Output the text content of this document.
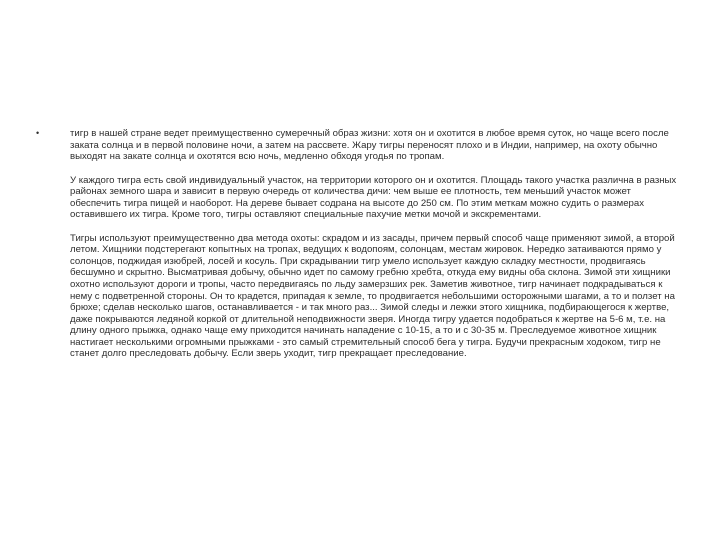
•	тигр в нашей стране ведет преимущественно сумеречный образ жизни: хотя он и охотится в любое время суток, но чаще всего после заката солнца и в первой половине ночи, а затем на рассвете. Жару тигры переносят плохо и в Индии, например, на охоту обычно выходят на закате солнца и охотятся всю ночь, медленно обходя угодья по тропам.

У каждого тигра есть свой индивидуальный участок, на территории которого он и охотится. Площадь такого участка различна в разных районах земного шара и зависит в первую очередь от количества дичи: чем выше ее плотность, тем меньший участок может обеспечить тигра пищей и наоборот. На дереве бывает содрана на высоте до 250 см. По этим меткам можно судить о размерах оставившего их тигра. Кроме того, тигры оставляют специальные пахучие метки мочой и экскрементами.

Тигры используют преимущественно два метода охоты: скрадом и из засады, причем первый способ чаще применяют зимой, а второй летом. Хищники подстерегают копытных на тропах, ведущих к водопоям, солонцам, местам жировок. Нередко затаиваются прямо у солонцов, поджидая изюбрей, лосей и косуль. При скрадывании тигр умело использует каждую складку местности, продвигаясь бесшумно и скрытно. Высматривая добычу, обычно идет по самому гребню хребта, откуда ему видны оба склона. Зимой эти хищники охотно используют дороги и тропы, часто передвигаясь по льду замерзших рек. Заметив животное, тигр начинает подкрадываться к нему с подветренной стороны. Он то крадется, припадая к земле, то продвигается небольшими осторожными шагами, а то и ползет на брюхе; сделав несколько шагов, останавливается - и так много раз... Зимой следы и лежки этого хищника, подбирающегося к жертве, даже покрываются ледяной коркой от длительной неподвижности зверя. Иногда тигру удается подобраться к жертве на 5-6 м, т.е. на длину одного прыжка, однако чаще ему приходится начинать нападение с 10-15, а то и с 30-35 м. Преследуемое животное хищник настигает несколькими огромными прыжками - это самый стремительный способ бега у тигра. Будучи прекрасным ходоком, тигр не станет долго преследовать добычу. Если зверь уходит, тигр прекращает преследование.
